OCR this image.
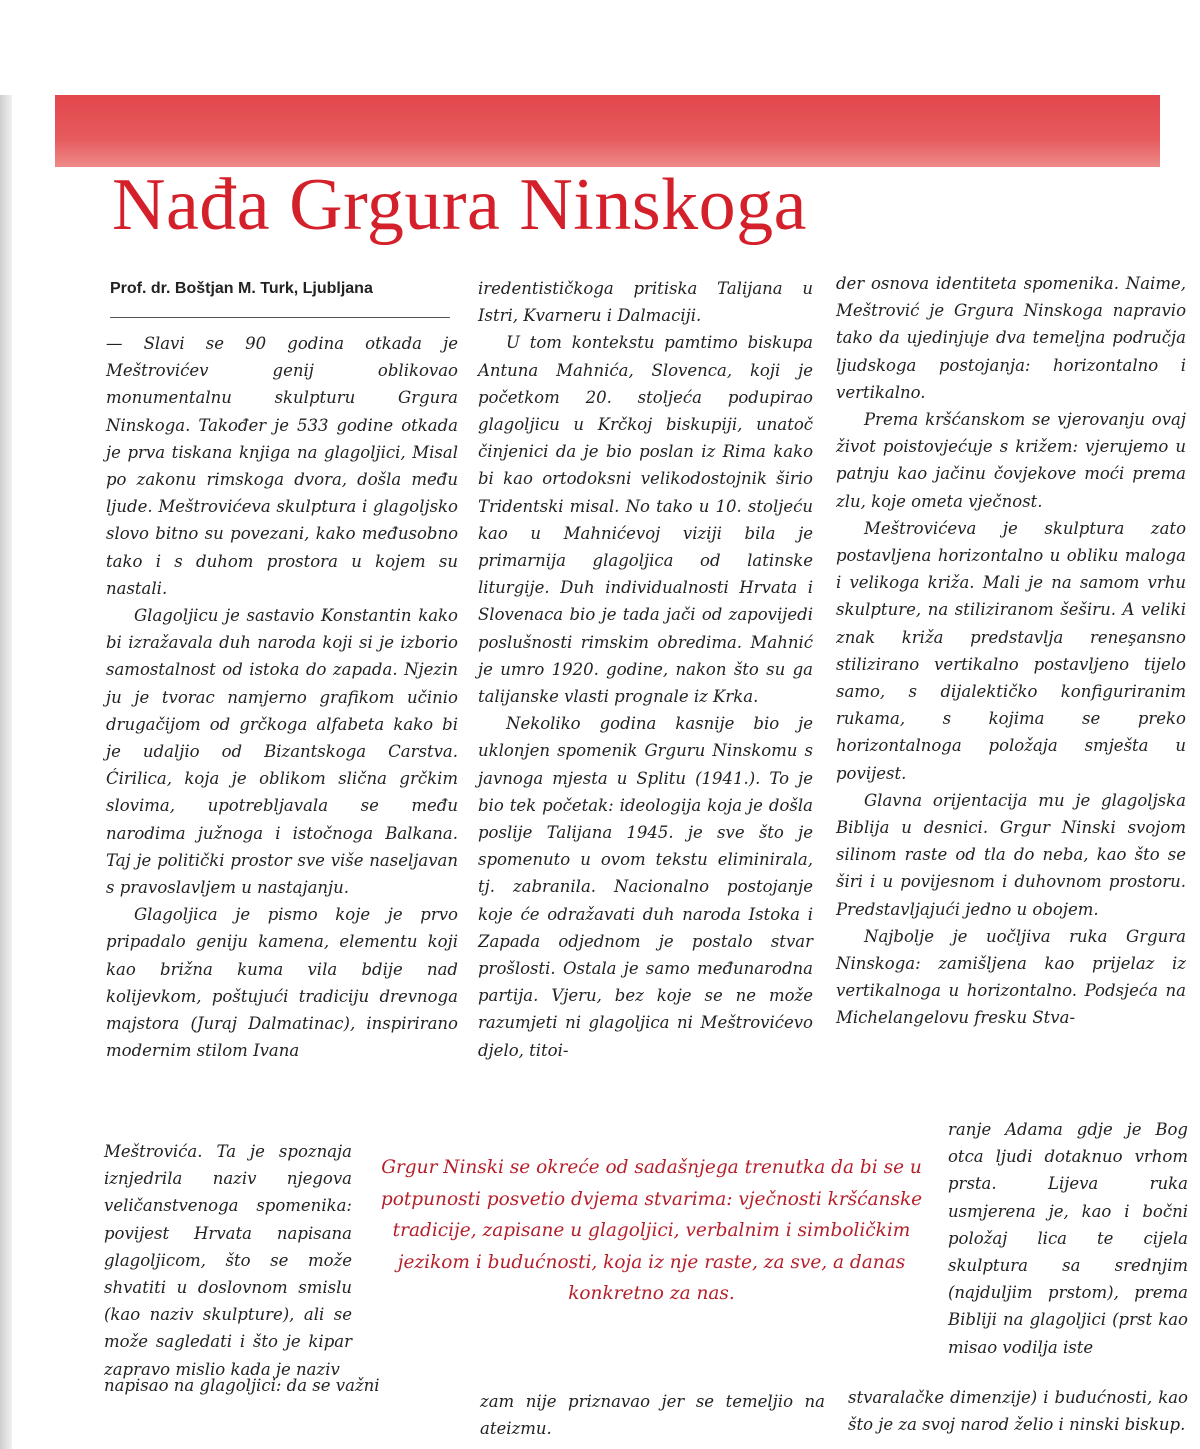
Nađa Grgura Ninskoga
Prof. dr. Boštjan M. Turk, Ljubljana

— Slavi se 90 godina otkada je Meštrovićev genij oblikovao monumentalnu skulpturu Grgura Ninskoga. Također je 533 godine otkada je prva tiskana knjiga na glagoljici, Misal po zakonu rimskoga dvora, došla među ljude. Meštrovićeva skulptura i glagoljsko slovo bitno su povezani, kako međusobno tako i s duhom prostora u kojem su nastali.

Glagoljicu je sastavio Konstantin kako bi izražavala duh naroda koji si je izborio samostalnost od istoka do zapada. Njezin ju je tvorac namjerno grafikom učinio drugačijom od grčkoga alfabeta kako bi je udaljio od Bizantskoga Carstva. Ćirilica, koja je oblikom slična grčkim slovima, upotrebljavala se među narodima južnoga i istočnoga Balkana. Taj je politički prostor sve više naseljavan s pravoslavljem u nastajanju.

Glagoljica je pismo koje je prvo pripadalo geniju kamena, elementu koji kao brižna kuma vila bdije nad kolijevkom, poštujući tradiciju drevnoga majstora (Juraj Dalmatinac), inspirirano modernim stilom Ivana

Meštrovića. Ta je spoznaja iznjedrila naziv njegova veličanstvenoga spomenika: povijest Hrvata napisana glagoljicom, što se može shvatiti u doslovnom smislu (kao naziv skulpture), ali se može sagledati i što je kipar zapravo mislio kada je naziv

napisao na glagoljici: da se važni

iredentističkoga pritiska Talijana u Istri, Kvarneru i Dalmaciji.

U tom kontekstu pamtimo biskupa Antuna Mahnića, Slovenca, koji je početkom 20. stoljeća podupirao glagoljicu u Krčkoj biskupiji, unatoč činjenici da je bio poslan iz Rima kako bi kao ortodoksni velikodostojnik širio Tridentski misal. No tako u 10. stoljeću kao u Mahnićevoj viziji bila je primarnija glagoljica od latinske liturgije. Duh individualnosti Hrvata i Slovenaca bio je tada jači od zapovijedi poslušnosti rimskim obredima. Mahnić je umro 1920. godine, nakon što su ga talijanske vlasti prognale iz Krka.

Nekoliko godina kasnije bio je uklonjen spomenik Grguru Ninskomu s javnoga mjesta u Splitu (1941.). To je bio tek početak: ideologija koja je došla poslije Talijana 1945. je sve što je spomenuto u ovom tekstu eliminirala, tj. zabranila. Nacionalno postojanje koje će odražavati duh naroda Istoka i Zapada odjednom je postalo stvar prošlosti. Ostala je samo međunarodna partija. Vjeru, bez koje se ne može razumjeti ni glagoljica ni Meštrovićevo djelo, titoi-

zam nije priznavao jer se temeljio na ateizmu.

der osnova identiteta spomenika. Naime, Meštrović je Grgura Ninskoga napravio tako da ujedinjuje dva temeljna područja ljudskoga postojanja: horizontalno i vertikalno.

Prema kršćanskom se vjerovanju ovaj život poistovjećuje s križem: vjerujemo u patnju kao jačinu čovjekove moći prema zlu, koje ometa vječnost.

Meštrovićeva je skulptura zato postavljena horizontalno u obliku maloga i velikoga križa. Mali je na samom vrhu skulpture, na stiliziranom šeširu. A veliki znak križa predstavlja reneşansno stilizirano vertikalno postavljeno tijelo samo, s dijalektičko konfiguriranim rukama, s kojima se preko horizontalnoga položaja smješta u povijest.

Glavna orijentacija mu je glagoljska Biblija u desnici. Grgur Ninski svojom silinom raste od tla do neba, kao što se širi i u povijesnom i duhovnom prostoru. Predstavljajući jedno u obojem.

Najbolje je uočljiva ruka Grgura Ninskoga: zamišljena kao prijelaz iz vertikalnoga u horizontalno. Podsjeća na Michelangelovu fresku Stva-

ranje Adama gdje je Bog otca ljudi dotaknuo vrhom prsta. Lijeva ruka usmjerena je, kao i bočni položaj lica te cijela skulptura sa srednjim (najduljim prstom), prema Bibliji na glagoljici (prst kao misao vodilja iste

stvaralačke dimenzije) i budućnosti, kao što je za svoj narod želio i ninski biskup.

Grgur Ninski se okreće od sadašnjega trenutka da bi se u potpunosti posvetio dvjema stvarima: vječnosti kršćanske tradicije, zapisane u glagoljici, verbalnim i simboličkim jezikom i budućnosti, koja iz nje raste, za sve, a danas konkretno za nas.
